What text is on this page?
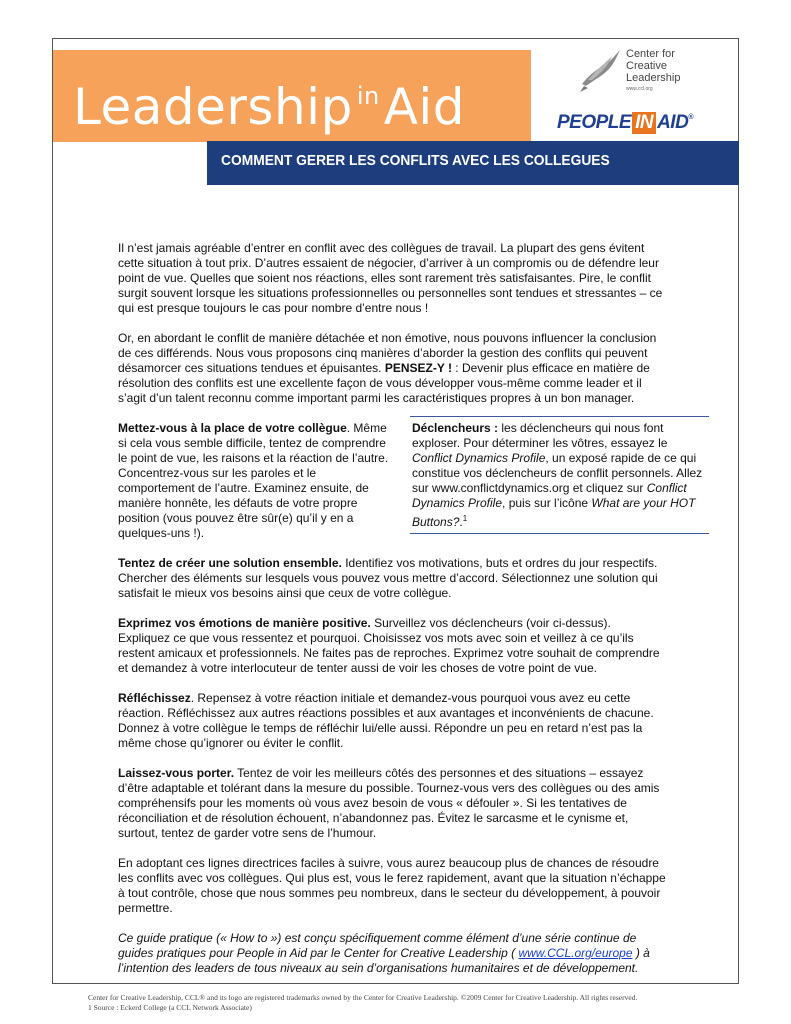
Leadership $^{in}$Aid
Center for
Creative
Leadership
www.ccl.org
PEOPLE IN AID®
COMMENT GERER LES CONFLITS AVEC LES COLLEGUES

Il n’est jamais agréable d’entrer en conflit avec des collègues de travail. La plupart des gens évitent cette situation à tout prix. D’autres essaient de négocier, d’arriver à un compromis ou de défendre leur point de vue. Quelles que soient nos réactions, elles sont rarement très satisfaisantes. Pire, le conflit surgit souvent lorsque les situations professionnelles ou personnelles sont tendues et stressantes – ce qui est presque toujours le cas pour nombre d’entre nous !

Or, en abordant le conflit de manière détachée et non émotive, nous pouvons influencer la conclusion de ces différends. Nous vous proposons cinq manières d’aborder la gestion des conflits qui peuvent désamorcer ces situations tendues et épuisantes. PENSEZ-Y ! : Devenir plus efficace en matière de résolution des conflits est une excellente façon de vous développer vous-même comme leader et il s’agit d’un talent reconnu comme important parmi les caractéristiques propres à un bon manager.

Mettez-vous à la place de votre collègue. Même si cela vous semble difficile, tentez de comprendre le point de vue, les raisons et la réaction de l’autre. Concentrez-vous sur les paroles et le comportement de l’autre. Examinez ensuite, de manière honnête, les défauts de votre propre position (vous pouvez être sûr(e) qu’il y en a quelques-uns !).
Déclencheurs : les déclencheurs qui nous font exploser. Pour déterminer les vôtres, essayez le Conflict Dynamics Profile, un exposé rapide de ce qui constitue vos déclencheurs de conflit personnels. Allez sur www.conflictdynamics.org et cliquez sur Conflict Dynamics Profile, puis sur l’icône What are your HOT Buttons?.$^1$

Tentez de créer une solution ensemble. Identifiez vos motivations, buts et ordres du jour respectifs. Chercher des éléments sur lesquels vous pouvez vous mettre d’accord. Sélectionnez une solution qui satisfait le mieux vos besoins ainsi que ceux de votre collègue.

Exprimez vos émotions de manière positive. Surveillez vos déclencheurs (voir ci-dessus). Expliquez ce que vous ressentez et pourquoi. Choisissez vos mots avec soin et veillez à ce qu’ils restent amicaux et professionnels. Ne faites pas de reproches. Exprimez votre souhait de comprendre et demandez à votre interlocuteur de tenter aussi de voir les choses de votre point de vue.

Réfléchissez. Repensez à votre réaction initiale et demandez-vous pourquoi vous avez eu cette réaction. Réfléchissez aux autres réactions possibles et aux avantages et inconvénients de chacune. Donnez à votre collègue le temps de réfléchir lui/elle aussi. Répondre un peu en retard n’est pas la même chose qu’ignorer ou éviter le conflit.

Laissez-vous porter. Tentez de voir les meilleurs côtés des personnes et des situations – essayez d’être adaptable et tolérant dans la mesure du possible. Tournez-vous vers des collègues ou des amis compréhensifs pour les moments où vous avez besoin de vous « défouler ». Si les tentatives de réconciliation et de résolution échouent, n’abandonnez pas. Évitez le sarcasme et le cynisme et, surtout, tentez de garder votre sens de l’humour.

En adoptant ces lignes directrices faciles à suivre, vous aurez beaucoup plus de chances de résoudre les conflits avec vos collègues. Qui plus est, vous le ferez rapidement, avant que la situation n’échappe à tout contrôle, chose que nous sommes peu nombreux, dans le secteur du développement, à pouvoir permettre.

Ce guide pratique (« How to ») est conçu spécifiquement comme élément d’une série continue de guides pratiques pour People in Aid par le Center for Creative Leadership ( www.CCL.org/europe ) à l’intention des leaders de tous niveaux au sein d’organisations humanitaires et de développement.

Center for Creative Leadership, CCL® and its logo are registered trademarks owned by the Center for Creative Leadership. ©2009 Center for Creative Leadership. All rights reserved.
1 Source : Eckerd College (a CCL Network Associate)
